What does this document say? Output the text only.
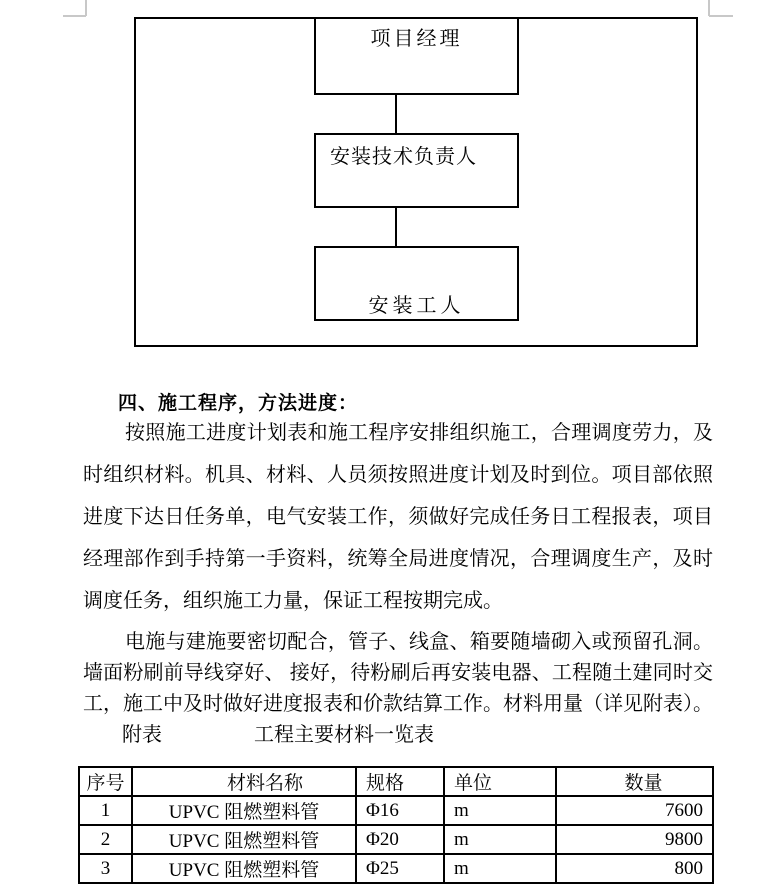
项目经理
安装技术负责人
安装工人
四、施工程序，方法进度：
按照施工进度计划表和施工程序安排组织施工，合理调度劳力，及
时组织材料。机具、材料、人员须按照进度计划及时到位。项目部依照
进度下达日任务单，电气安装工作，须做好完成任务日工程报表，项目
经理部作到手持第一手资料，统筹全局进度情况，合理调度生产，及时
调度任务，组织施工力量，保证工程按期完成。
电施与建施要密切配合，管子、线盒、箱要随墙砌入或预留孔洞。
墙面粉刷前导线穿好、 接好，待粉刷后再安装电器、工程随土建同时交
工，施工中及时做好进度报表和价款结算工作。材料用量（详见附表）。
附表	工程主要材料一览表
序号	材料名称	规格	单位	数量
1	UPVC 阻燃塑料管	Φ16	m	7600
2	UPVC 阻燃塑料管	Φ20	m	9800
3	UPVC 阻燃塑料管	Φ25	m	800
